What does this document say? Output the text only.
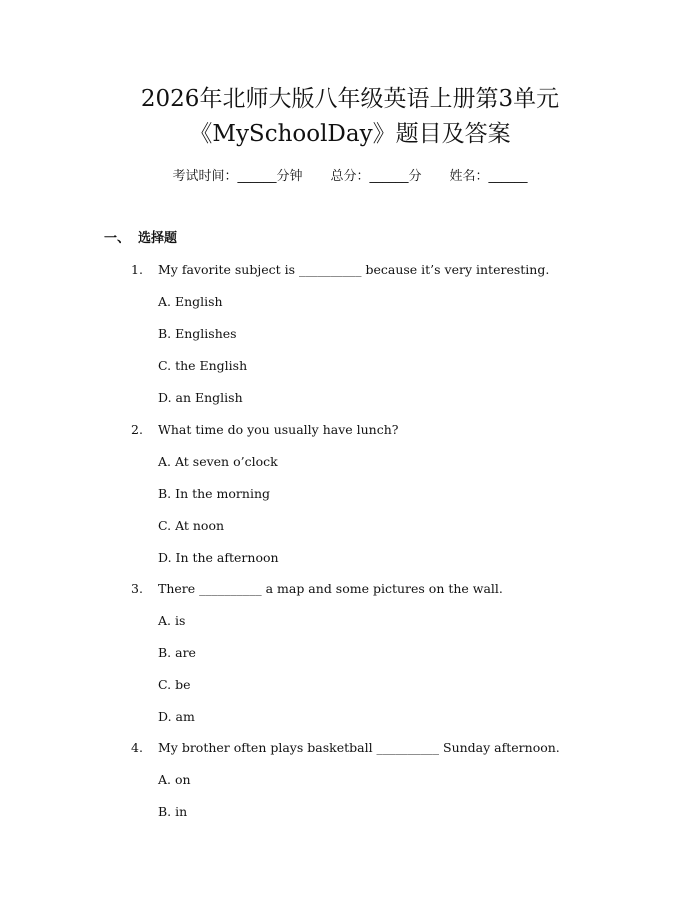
2026年北师大版八年级英语上册第3单元
《MySchoolDay》题目及答案
考试时间：______分钟 总分：______分 姓名：______
一、 选择题
1. My favorite subject is __________ because it’s very interesting.
A. English
B. Englishes
C. the English
D. an English
2. What time do you usually have lunch?
A. At seven o’clock
B. In the morning
C. At noon
D. In the afternoon
3. There __________ a map and some pictures on the wall.
A. is
B. are
C. be
D. am
4. My brother often plays basketball __________ Sunday afternoon.
A. on
B. in
